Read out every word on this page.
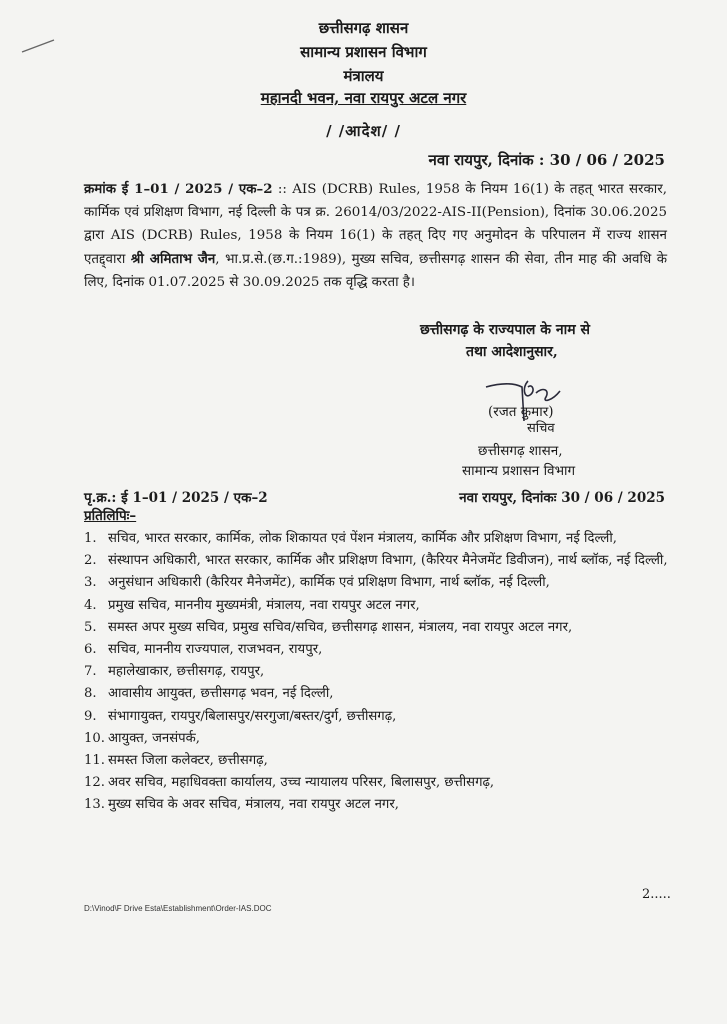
छत्तीसगढ़ शासन
सामान्य प्रशासन विभाग
मंत्रालय
महानदी भवन, नवा रायपुर अटल नगर
/ /आदेश/ /
नवा रायपुर, दिनांक : 30 / 06 / 2025
क्रमांक ई 1–01 / 2025 / एक–2 :: AIS (DCRB) Rules, 1958 के नियम 16(1) के तहत् भारत सरकार, कार्मिक एवं प्रशिक्षण विभाग, नई दिल्ली के पत्र क्र. 26014/03/2022-AIS-II(Pension), दिनांक 30.06.2025 द्वारा AIS (DCRB) Rules, 1958 के नियम 16(1) के तहत् दिए गए अनुमोदन के परिपालन में राज्य शासन एतद्द्वारा श्री अमिताभ जैन, भा.प्र.से.(छ.ग.:1989), मुख्य सचिव, छत्तीसगढ़ शासन की सेवा, तीन माह की अवधि के लिए, दिनांक 01.07.2025 से 30.09.2025 तक वृद्धि करता है।
छत्तीसगढ़ के राज्यपाल के नाम से
तथा आदेशानुसार,
(रजत कुमार)
सचिव
छत्तीसगढ़ शासन,
सामान्य प्रशासन विभाग
पृ.क्र.: ई 1–01 / 2025 / एक–2	नवा रायपुर, दिनांकः 30 / 06 / 2025
प्रतिलिपिः–
1. सचिव, भारत सरकार, कार्मिक, लोक शिकायत एवं पेंशन मंत्रालय, कार्मिक और प्रशिक्षण विभाग, नई दिल्ली,
2. संस्थापन अधिकारी, भारत सरकार, कार्मिक और प्रशिक्षण विभाग, (कैरियर मैनेजमेंट डिवीजन), नार्थ ब्लॉक, नई दिल्ली,
3. अनुसंधान अधिकारी (कैरियर मैनेजमेंट), कार्मिक एवं प्रशिक्षण विभाग, नार्थ ब्लॉक, नई दिल्ली,
4. प्रमुख सचिव, माननीय मुख्यमंत्री, मंत्रालय, नवा रायपुर अटल नगर,
5. समस्त अपर मुख्य सचिव, प्रमुख सचिव/सचिव, छत्तीसगढ़ शासन, मंत्रालय, नवा रायपुर अटल नगर,
6. सचिव, माननीय राज्यपाल, राजभवन, रायपुर,
7. महालेखाकार, छत्तीसगढ़, रायपुर,
8. आवासीय आयुक्त, छत्तीसगढ़ भवन, नई दिल्ली,
9. संभागायुक्त, रायपुर/बिलासपुर/सरगुजा/बस्तर/दुर्ग, छत्तीसगढ़,
10. आयुक्त, जनसंपर्क,
11. समस्त जिला कलेक्टर, छत्तीसगढ़,
12. अवर सचिव, महाधिवक्ता कार्यालय, उच्च न्यायालय परिसर, बिलासपुर, छत्तीसगढ़,
13. मुख्य सचिव के अवर सचिव, मंत्रालय, नवा रायपुर अटल नगर,
2.....
D:\Vinod\F Drive Esta\Establishment\Order-IAS.DOC
